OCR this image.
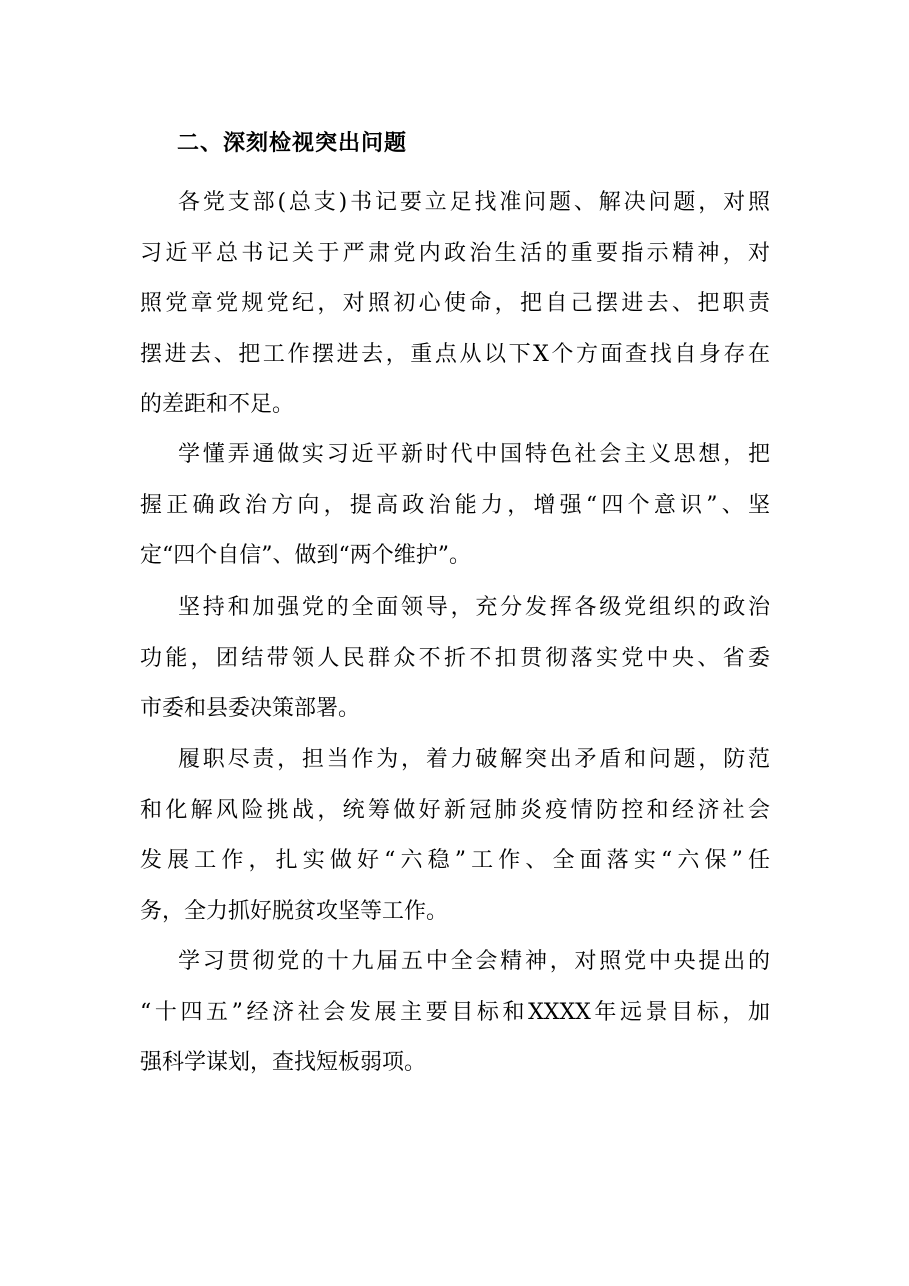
二、深刻检视突出问题
各党支部(总支)书记要立足找准问题、解决问题，对照
习近平总书记关于严肃党内政治生活的重要指示精神，对
照党章党规党纪，对照初心使命，把自己摆进去、把职责
摆进去、把工作摆进去，重点从以下X个方面查找自身存在
的差距和不足。
学懂弄通做实习近平新时代中国特色社会主义思想，把
握正确政治方向，提高政治能力，增强“四个意识”、坚
定“四个自信”、做到“两个维护”。
坚持和加强党的全面领导，充分发挥各级党组织的政治
功能，团结带领人民群众不折不扣贯彻落实党中央、省委
市委和县委决策部署。
履职尽责，担当作为，着力破解突出矛盾和问题，防范
和化解风险挑战，统筹做好新冠肺炎疫情防控和经济社会
发展工作，扎实做好“六稳”工作、全面落实“六保”任
务，全力抓好脱贫攻坚等工作。
学习贯彻党的十九届五中全会精神，对照党中央提出的
“十四五”经济社会发展主要目标和XXXX年远景目标，加
强科学谋划，查找短板弱项。
